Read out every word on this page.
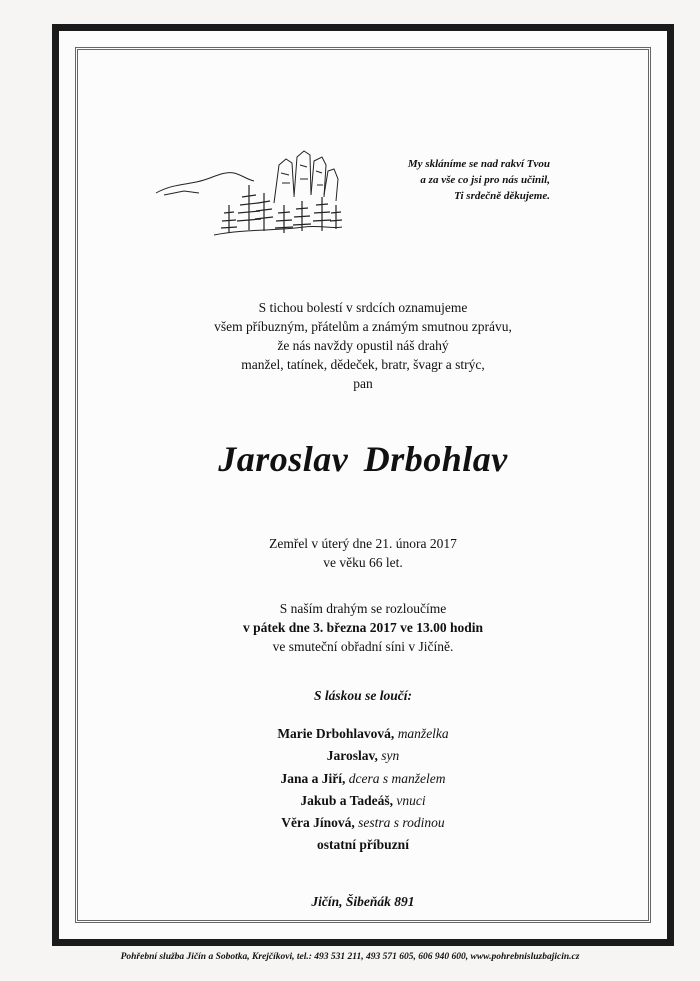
My skláníme se nad rakví Tvou
a za vše co jsi pro nás učinil,
Ti srdečně děkujeme.
S tichou bolestí v srdcích oznamujeme
všem příbuzným, přátelům a známým smutnou zprávu,
že nás navždy opustil náš drahý
manžel, tatínek, dědeček, bratr, švagr a strýc,
pan
Jaroslav Drbohlav
Zemřel v úterý dne 21. února 2017
ve věku 66 let.
S naším drahým se rozloučíme
v pátek dne 3. března 2017 ve 13.00 hodin
ve smuteční obřadní síni v Jičíně.
S láskou se loučí:
Marie Drbohlavová, manželka
Jaroslav, syn
Jana a Jiří, dcera s manželem
Jakub a Tadeáš, vnuci
Věra Jínová, sestra s rodinou
ostatní příbuzní
Jičín, Šibeňák 891
Pohřební služba Jičín a Sobotka, Krejčíkovi, tel.: 493 531 211, 493 571 605, 606 940 600, www.pohrebnisluzbajicin.cz
